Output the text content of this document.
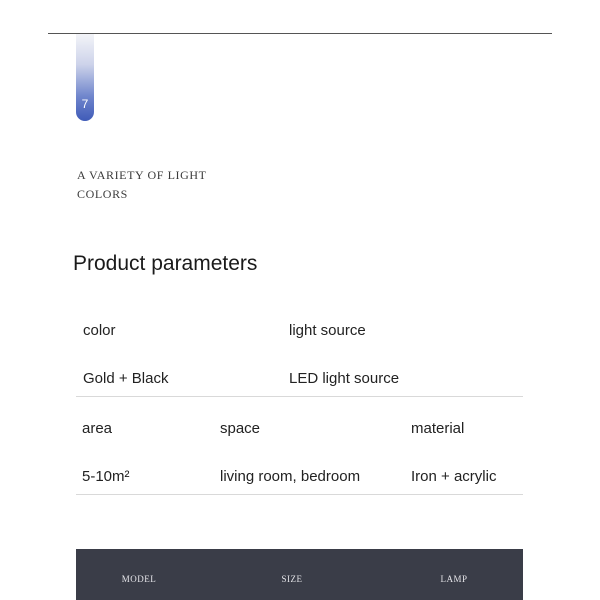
7
A VARIETY OF LIGHT COLORS
Product parameters
color	light source
Gold + Black	LED light source
area	space	material
5-10m²	living room, bedroom	Iron + acrylic
MODEL	SIZE	LAMP
